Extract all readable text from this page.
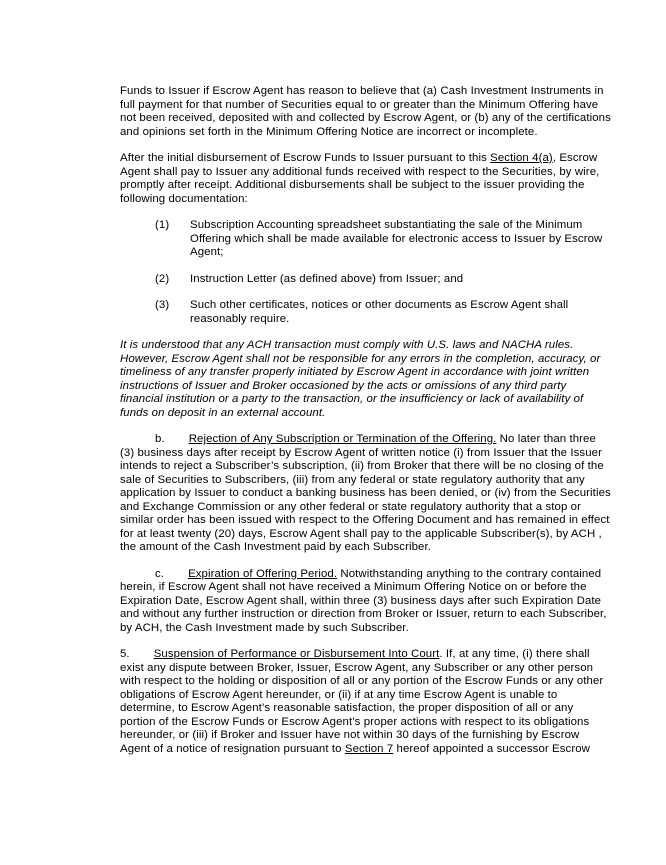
Funds to Issuer if Escrow Agent has reason to believe that (a) Cash Investment Instruments in full payment for that number of Securities equal to or greater than the Minimum Offering have not been received, deposited with and collected by Escrow Agent, or (b) any of the certifications and opinions set forth in the Minimum Offering Notice are incorrect or incomplete.

After the initial disbursement of Escrow Funds to Issuer pursuant to this Section 4(a), Escrow Agent shall pay to Issuer any additional funds received with respect to the Securities, by wire, promptly after receipt. Additional disbursements shall be subject to the issuer providing the following documentation:

(1) Subscription Accounting spreadsheet substantiating the sale of the Minimum Offering which shall be made available for electronic access to Issuer by Escrow Agent;
(2) Instruction Letter (as defined above) from Issuer; and
(3) Such other certificates, notices or other documents as Escrow Agent shall reasonably require.

It is understood that any ACH transaction must comply with U.S. laws and NACHA rules. However, Escrow Agent shall not be responsible for any errors in the completion, accuracy, or timeliness of any transfer properly initiated by Escrow Agent in accordance with joint written instructions of Issuer and Broker occasioned by the acts or omissions of any third party financial institution or a party to the transaction, or the insufficiency or lack of availability of funds on deposit in an external account.

b. Rejection of Any Subscription or Termination of the Offering. No later than three (3) business days after receipt by Escrow Agent of written notice (i) from Issuer that the Issuer intends to reject a Subscriber’s subscription, (ii) from Broker that there will be no closing of the sale of Securities to Subscribers, (iii) from any federal or state regulatory authority that any application by Issuer to conduct a banking business has been denied, or (iv) from the Securities and Exchange Commission or any other federal or state regulatory authority that a stop or similar order has been issued with respect to the Offering Document and has remained in effect for at least twenty (20) days, Escrow Agent shall pay to the applicable Subscriber(s), by ACH , the amount of the Cash Investment paid by each Subscriber.

c. Expiration of Offering Period. Notwithstanding anything to the contrary contained herein, if Escrow Agent shall not have received a Minimum Offering Notice on or before the Expiration Date, Escrow Agent shall, within three (3) business days after such Expiration Date and without any further instruction or direction from Broker or Issuer, return to each Subscriber, by ACH, the Cash Investment made by such Subscriber.

5. Suspension of Performance or Disbursement Into Court. If, at any time, (i) there shall exist any dispute between Broker, Issuer, Escrow Agent, any Subscriber or any other person with respect to the holding or disposition of all or any portion of the Escrow Funds or any other obligations of Escrow Agent hereunder, or (ii) if at any time Escrow Agent is unable to determine, to Escrow Agent’s reasonable satisfaction, the proper disposition of all or any portion of the Escrow Funds or Escrow Agent’s proper actions with respect to its obligations hereunder, or (iii) if Broker and Issuer have not within 30 days of the furnishing by Escrow Agent of a notice of resignation pursuant to Section 7 hereof appointed a successor Escrow
